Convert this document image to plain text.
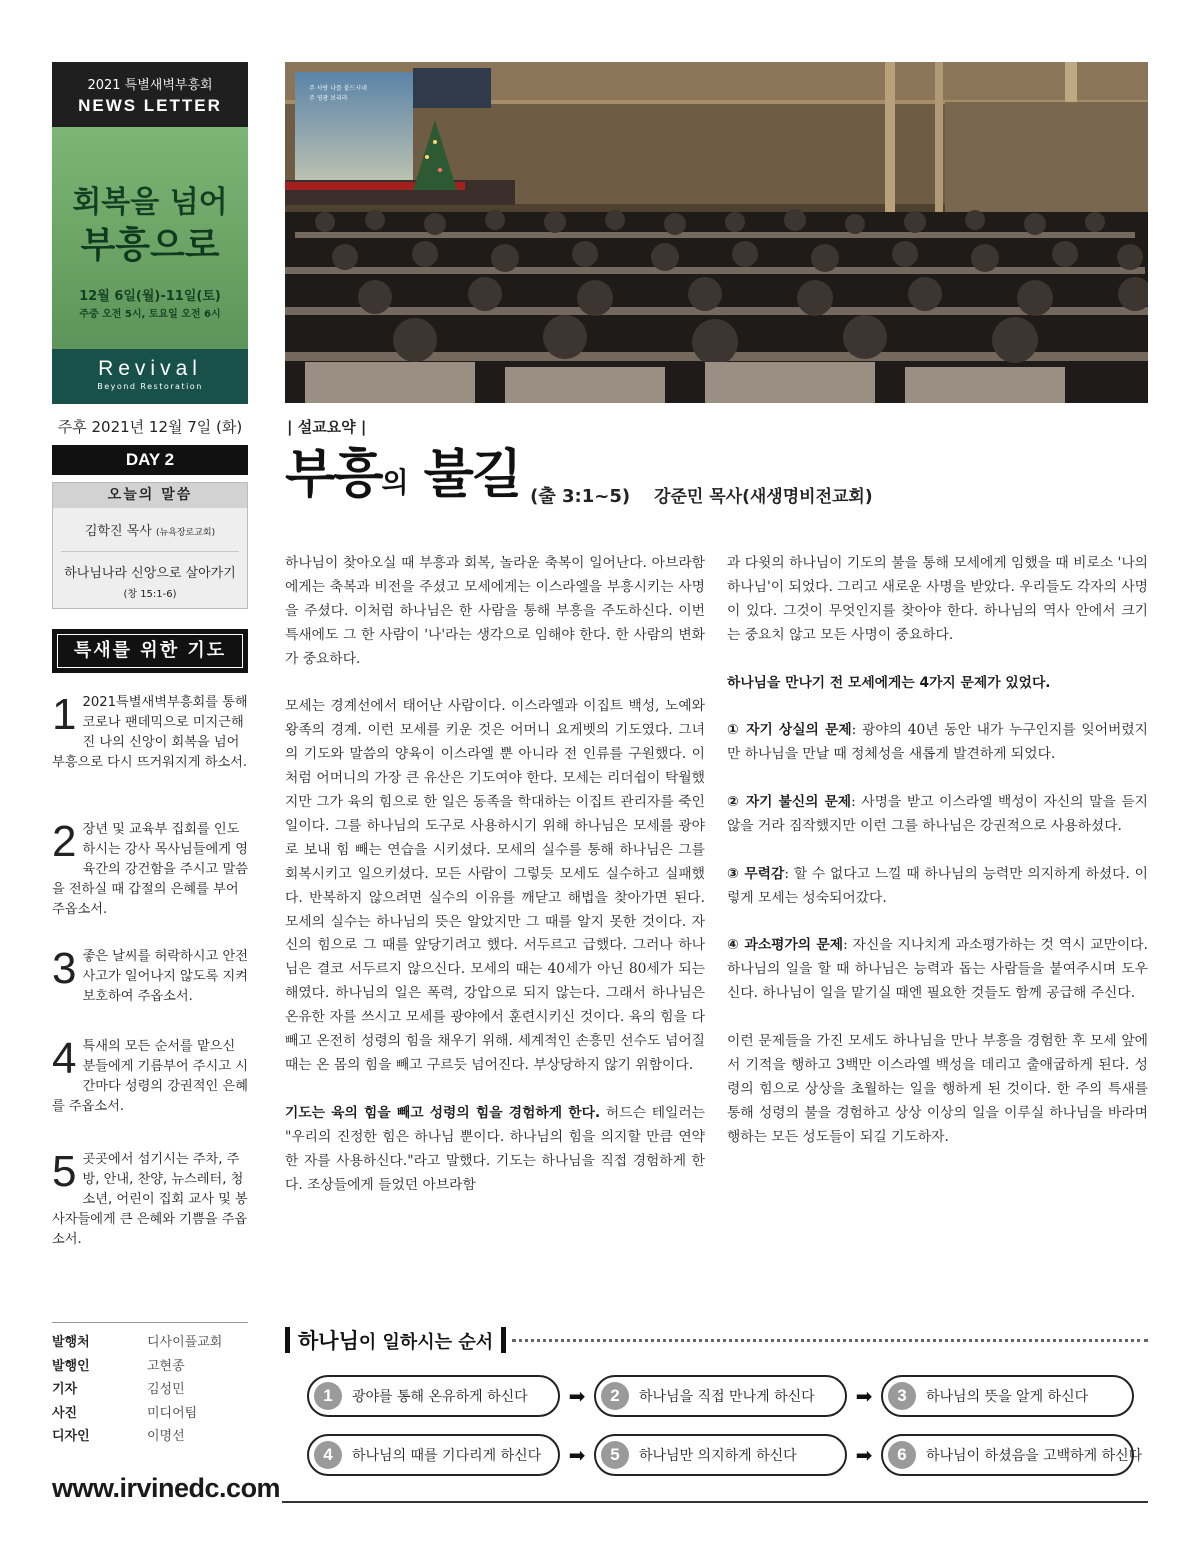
2021 특별새벽부흥회
NEWS LETTER
회복을 넘어
부흥으로
12월 6일(월)-11일(토)
주중 오전 5시, 토요일 오전 6시
Revival
Beyond Restoration
주후 2021년 12월 7일 (화)
DAY 2
오늘의 말씀
김학진 목사 (뉴욕장로교회)
하나님나라 신앙으로 살아가기
(창 15:1-6)
특새를 위한 기도
1 2021특별새벽부흥회를 통해 코로나 팬데믹으로 미지근해진 나의 신앙이 회복을 넘어 부흥으로 다시 뜨거워지게 하소서.
2 장년 및 교육부 집회를 인도하시는 강사 목사님들에게 영육간의 강건함을 주시고 말씀을 전하실 때 갑절의 은혜를 부어주옵소서.
3 좋은 날씨를 허락하시고 안전사고가 일어나지 않도록 지켜 보호하여 주옵소서.
4 특새의 모든 순서를 맡으신 분들에게 기름부어 주시고 시간마다 성령의 강권적인 은혜를 주옵소서.
5 곳곳에서 섬기시는 주차, 주방, 안내, 찬양, 뉴스레터, 청소년, 어린이 집회 교사 및 봉사자들에게 큰 은혜와 기쁨을 주옵소서.
발행처	디사이플교회
발행인	고현종
기자	김성민
사진	미디어팀
디자인	이명선
www.irvinedc.com
주 사랑 나를 붙드시네
주 영광 보리라
| 설교요약 |
부흥의 불길 (출 3:1~5) 강준민 목사(새생명비전교회)

하나님이 찾아오실 때 부흥과 회복, 놀라운 축복이 일어난다. 아브라함에게는 축복과 비전을 주셨고 모세에게는 이스라엘을 부흥시키는 사명을 주셨다. 이처럼 하나님은 한 사람을 통해 부흥을 주도하신다. 이번 특새에도 그 한 사람이 '나'라는 생각으로 임해야 한다. 한 사람의 변화가 중요하다.

모세는 경계선에서 태어난 사람이다. 이스라엘과 이집트 백성, 노예와 왕족의 경계. 이런 모세를 키운 것은 어머니 요게벳의 기도였다. 그녀의 기도와 말씀의 양육이 이스라엘 뿐 아니라 전 인류를 구원했다. 이처럼 어머니의 가장 큰 유산은 기도여야 한다. 모세는 리더쉽이 탁월했지만 그가 육의 힘으로 한 일은 동족을 학대하는 이집트 관리자를 죽인 일이다. 그를 하나님의 도구로 사용하시기 위해 하나님은 모세를 광야로 보내 힘 빼는 연습을 시키셨다. 모세의 실수를 통해 하나님은 그를 회복시키고 일으키셨다. 모든 사람이 그렇듯 모세도 실수하고 실패했다. 반복하지 않으려면 실수의 이유를 깨닫고 해법을 찾아가면 된다. 모세의 실수는 하나님의 뜻은 알았지만 그 때를 알지 못한 것이다. 자신의 힘으로 그 때를 앞당기려고 했다. 서두르고 급했다. 그러나 하나님은 결코 서두르지 않으신다. 모세의 때는 40세가 아닌 80세가 되는 해였다. 하나님의 일은 폭력, 강압으로 되지 않는다. 그래서 하나님은 온유한 자를 쓰시고 모세를 광야에서 훈련시키신 것이다. 육의 힘을 다 빼고 온전히 성령의 힘을 채우기 위해. 세계적인 손흥민 선수도 넘어질 때는 온 몸의 힘을 빼고 구르듯 넘어진다. 부상당하지 않기 위함이다.

기도는 육의 힘을 빼고 성령의 힘을 경험하게 한다. 허드슨 테일러는 "우리의 진정한 힘은 하나님 뿐이다. 하나님의 힘을 의지할 만큼 연약한 자를 사용하신다."라고 말했다. 기도는 하나님을 직접 경험하게 한다. 조상들에게 들었던 아브라함

과 다윗의 하나님이 기도의 불을 통해 모세에게 임했을 때 비로소 '나의 하나님'이 되었다. 그리고 새로운 사명을 받았다. 우리들도 각자의 사명이 있다. 그것이 무엇인지를 찾아야 한다. 하나님의 역사 안에서 크기는 중요치 않고 모든 사명이 중요하다.

하나님을 만나기 전 모세에게는 4가지 문제가 있었다.

① 자기 상실의 문제: 광야의 40년 동안 내가 누구인지를 잊어버렸지만 하나님을 만날 때 정체성을 새롭게 발견하게 되었다.

② 자기 불신의 문제: 사명을 받고 이스라엘 백성이 자신의 말을 듣지 않을 거라 짐작했지만 이런 그를 하나님은 강권적으로 사용하셨다.

③ 무력감: 할 수 없다고 느낄 때 하나님의 능력만 의지하게 하셨다. 이렇게 모세는 성숙되어갔다.

④ 과소평가의 문제: 자신을 지나치게 과소평가하는 것 역시 교만이다. 하나님의 일을 할 때 하나님은 능력과 돕는 사람들을 붙여주시며 도우신다. 하나님이 일을 맡기실 때엔 필요한 것들도 함께 공급해 주신다.

이런 문제들을 가진 모세도 하나님을 만나 부흥을 경험한 후 모세 앞에서 기적을 행하고 3백만 이스라엘 백성을 데리고 출애굽하게 된다. 성령의 힘으로 상상을 초월하는 일을 행하게 된 것이다. 한 주의 특새를 통해 성령의 불을 경험하고 상상 이상의 일을 이루실 하나님을 바라며 행하는 모든 성도들이 되길 기도하자.

하나님이 일하시는 순서
1	광야를 통해 온유하게 하신다	➡	2	하나님을 직접 만나게 하신다	➡	3	하나님의 뜻을 알게 하신다
4	하나님의 때를 기다리게 하신다	➡	5	하나님만 의지하게 하신다	➡	6	하나님이 하셨음을 고백하게 하신다
